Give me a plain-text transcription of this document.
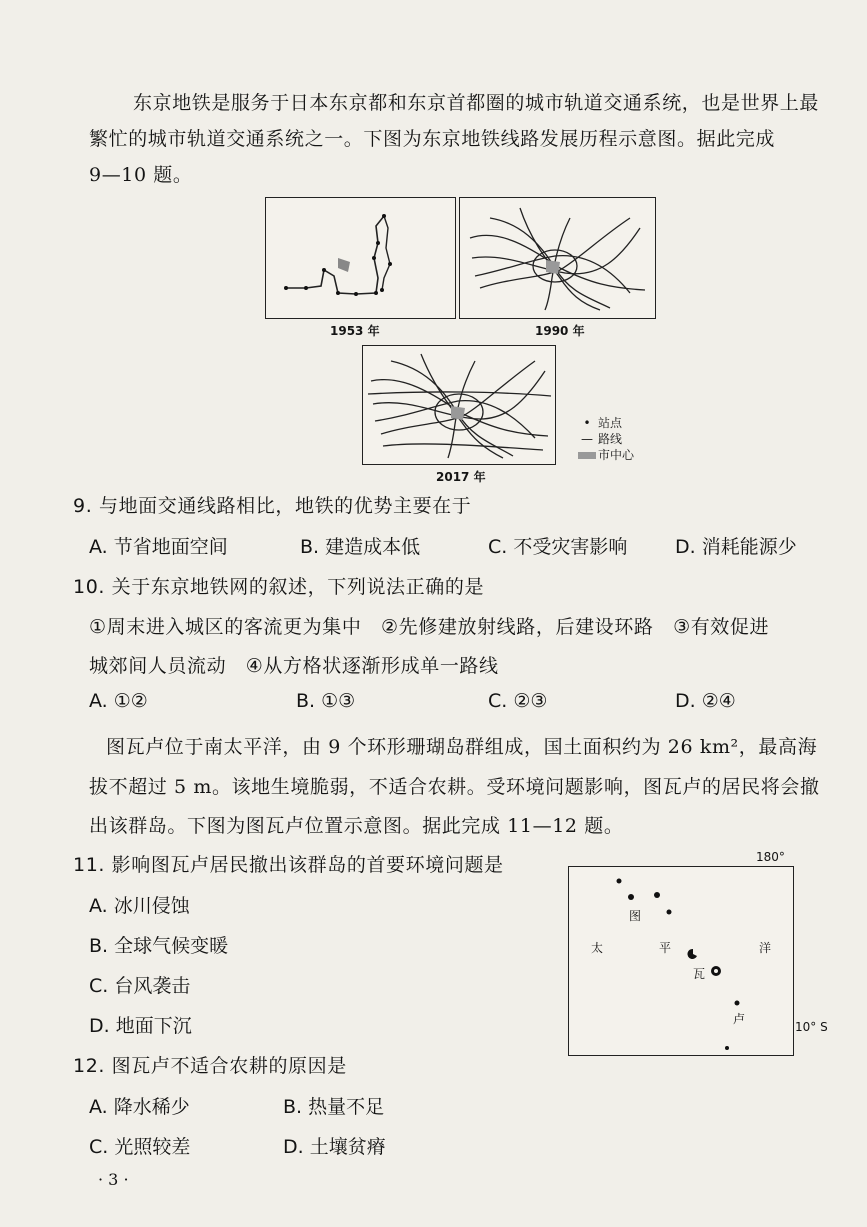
东京地铁是服务于日本东京都和东京首都圈的城市轨道交通系统，也是世界上最
繁忙的城市轨道交通系统之一。下图为东京地铁线路发展历程示意图。据此完成
9—10 题。
1953 年	1990 年
2017 年
• 站点
— 路线
市中心
9. 与地面交通线路相比，地铁的优势主要在于
A. 节省地面空间	B. 建造成本低	C. 不受灾害影响	D. 消耗能源少
10. 关于东京地铁网的叙述，下列说法正确的是
①周末进入城区的客流更为集中　②先修建放射线路，后建设环路　③有效促进
城郊间人员流动　④从方格状逐渐形成单一路线
A. ①②	B. ①③	C. ②③	D. ②④
图瓦卢位于南太平洋，由 9 个环形珊瑚岛群组成，国土面积约为 26 km²，最高海
拔不超过 5 m。该地生境脆弱，不适合农耕。受环境问题影响，图瓦卢的居民将会撤
出该群岛。下图为图瓦卢位置示意图。据此完成 11—12 题。
11. 影响图瓦卢居民撤出该群岛的首要环境问题是
A. 冰川侵蚀
B. 全球气候变暖
C. 台风袭击
D. 地面下沉
180°
图
太	平	洋
瓦
卢
10° S
12. 图瓦卢不适合农耕的原因是
A. 降水稀少	B. 热量不足
C. 光照较差	D. 土壤贫瘠
· 3 ·
